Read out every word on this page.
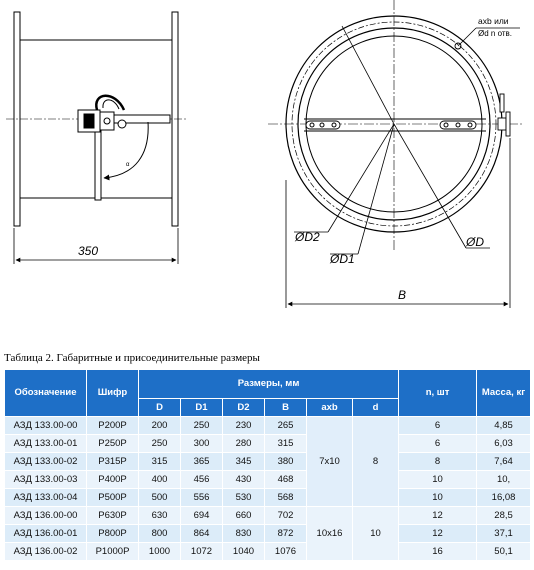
α
350
ØD2
ØD1
ØD
axb или
Ød n отв.
B
Таблица 2. Габаритные и присоединительные размеры
Обозначение	Шифр	Размеры, мм						n, шт	Масса, кг
		D	D1	D2	B	axb	d		
АЗД 133.00-00	P200P	200	250	230	265	7x10	8	6	4,85
АЗД 133.00-01	P250P	250	300	280	315			6	6,03
АЗД 133.00-02	P315P	315	365	345	380			8	7,64
АЗД 133.00-03	P400P	400	456	430	468			10	10,
АЗД 133.00-04	P500P	500	556	530	568			10	16,08
АЗД 136.00-00	P630P	630	694	660	702	10x16	10	12	28,5
АЗД 136.00-01	P800P	800	864	830	872			12	37,1
АЗД 136.00-02	P1000P	1000	1072	1040	1076			16	50,1
